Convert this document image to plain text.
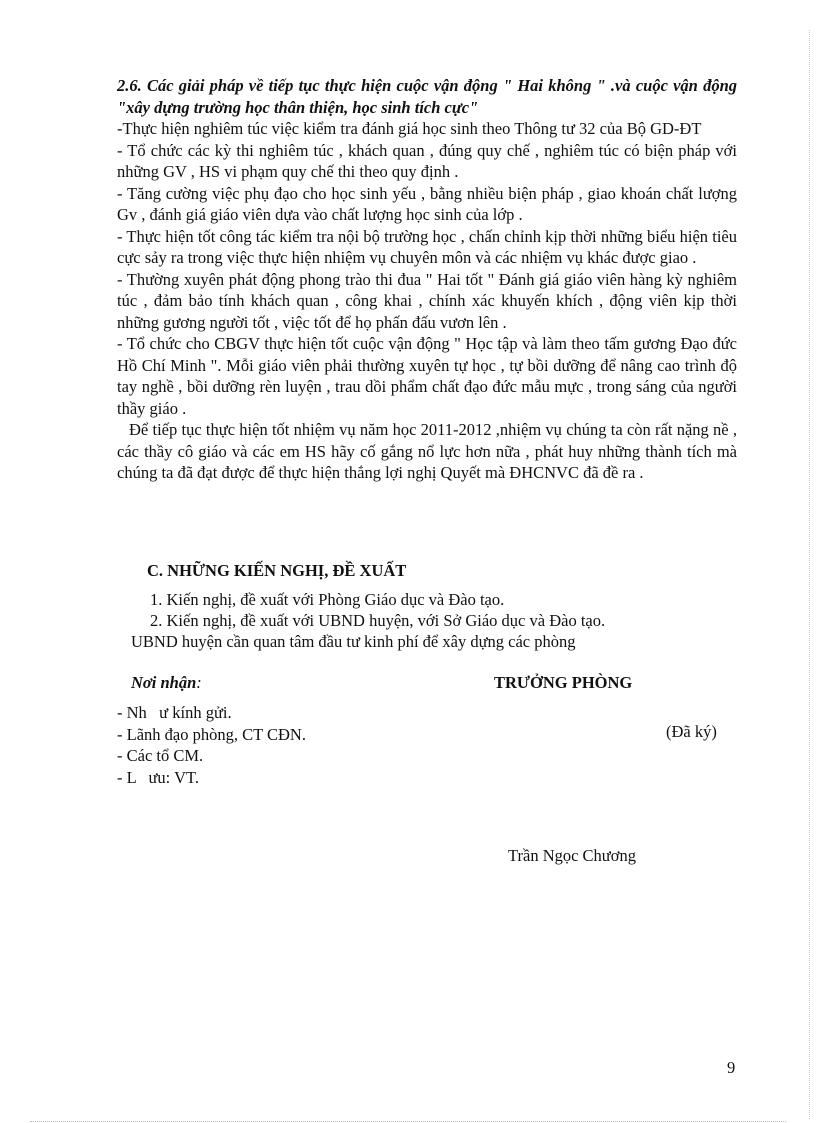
2.6. Các giải pháp về tiếp tục thực hiện cuộc vận động " Hai không " .và cuộc vận động "xây dựng trường học thân thiện, học sinh tích cực"
-Thực hiện nghiêm túc việc kiểm tra đánh giá học sinh theo Thông tư 32 của Bộ GD-ĐT
- Tổ chức các kỳ thi nghiêm túc , khách quan , đúng quy chế , nghiêm túc có biện pháp với những GV , HS vi phạm quy chế thi theo quy định .
- Tăng cường việc phụ đạo cho học sinh yếu , bằng nhiều biện pháp , giao khoán chất lượng Gv , đánh giá giáo viên dựa vào chất lượng học sinh của lớp .
- Thực hiện tốt công tác kiểm tra nội bộ trường học , chấn chỉnh kịp thời những biểu hiện tiêu cực sảy ra trong việc thực hiện nhiệm vụ chuyên môn và các nhiệm vụ khác được giao .
- Thường xuyên phát động phong trào thi đua " Hai tốt " Đánh giá giáo viên hàng kỳ nghiêm túc , đảm bảo tính khách quan , công khai , chính xác khuyến khích , động viên kịp thời những gương người tốt , việc tốt để họ phấn đấu vươn lên .
- Tổ chức cho CBGV thực hiện tốt cuộc vận động " Học tập và làm theo tấm gương Đạo đức Hồ Chí Minh ". Mỗi giáo viên phải thường xuyên tự học , tự bồi dưỡng để nâng cao trình độ tay nghề , bồi dưỡng rèn luyện , trau dồi phẩm chất đạo đức mẫu mực , trong sáng của người thầy giáo .
Để tiếp tục thực hiện tốt nhiệm vụ năm học 2011-2012 ,nhiệm vụ chúng ta còn rất nặng nề , các thầy cô giáo và các em HS hãy cố gắng nổ lực hơn nữa , phát huy những thành tích mà chúng ta đã đạt được để thực hiện thắng lợi nghị Quyết mà ĐHCNVC đã đề ra .
C. NHỮNG KIẾN NGHỊ, ĐỀ XUẤT
1. Kiến nghị, đề xuất với Phòng Giáo dục và Đào tạo.
2. Kiến nghị, đề xuất với UBND huyện, với Sở Giáo dục và Đào tạo.
UBND huyện cần quan tâm đầu tư kinh phí để xây dựng các phòng
Nơi nhận:	TRƯỞNG PHÒNG
- Nh   ư kính gửi.
- Lãnh đạo phòng, CT CĐN.
- Các tổ CM.
- L   ưu: VT.
(Đã ký)
Trần Ngọc Chương
9
